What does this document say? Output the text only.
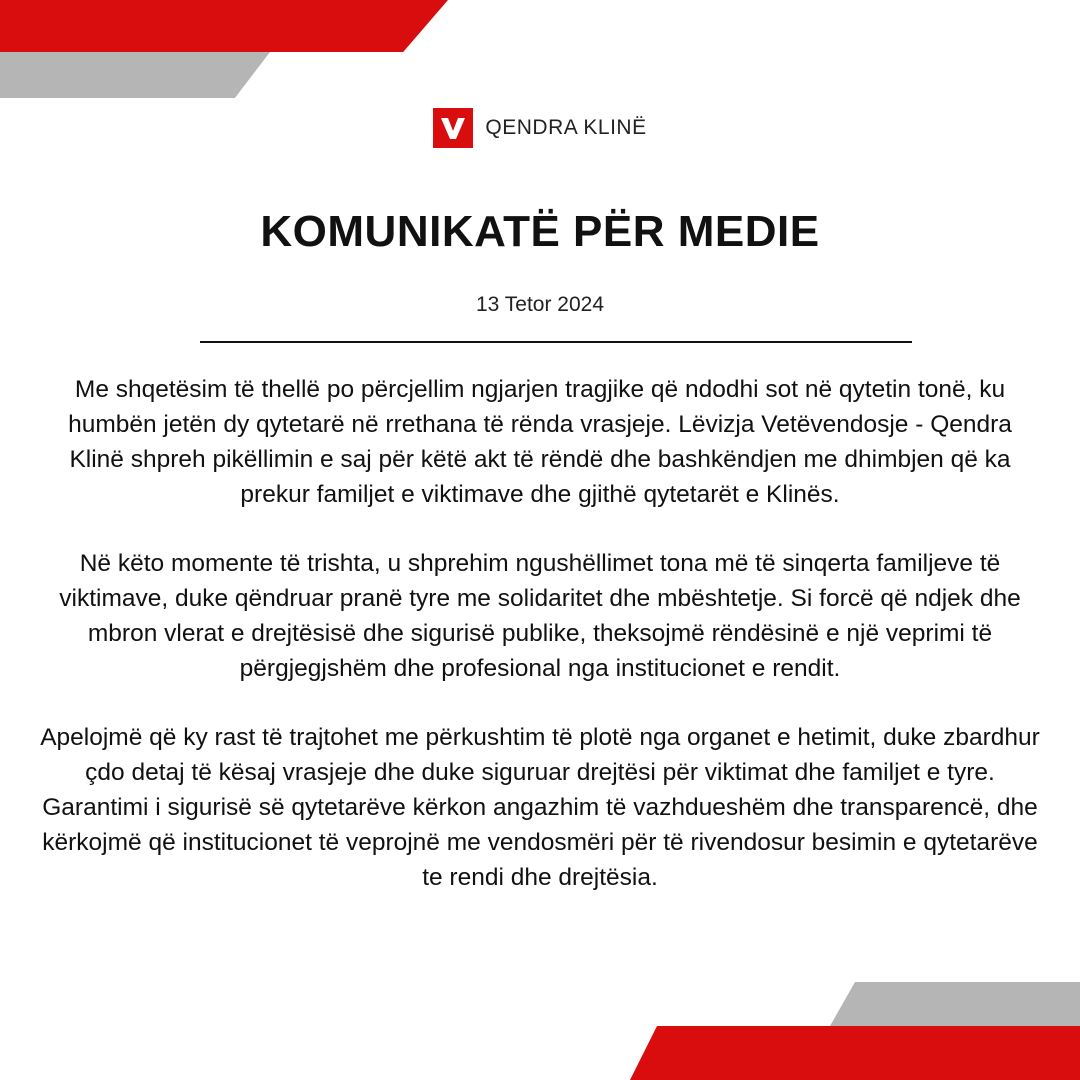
QENDRA KLINË
KOMUNIKATË PËR MEDIE
13 Tetor 2024

Me shqetësim të thellë po përcjellim ngjarjen tragjike që ndodhi sot në qytetin tonë, ku humbën jetën dy qytetarë në rrethana të rënda vrasjeje. Lëvizja Vetëvendosje - Qendra Klinë shpreh pikëllimin e saj për këtë akt të rëndë dhe bashkëndjen me dhimbjen që ka prekur familjet e viktimave dhe gjithë qytetarët e Klinës.

Në këto momente të trishta, u shprehim ngushëllimet tona më të sinqerta familjeve të viktimave, duke qëndruar pranë tyre me solidaritet dhe mbështetje. Si forcë që ndjek dhe mbron vlerat e drejtësisë dhe sigurisë publike, theksojmë rëndësinë e një veprimi të përgjegjshëm dhe profesional nga institucionet e rendit.

Apelojmë që ky rast të trajtohet me përkushtim të plotë nga organet e hetimit, duke zbardhur çdo detaj të kësaj vrasjeje dhe duke siguruar drejtësi për viktimat dhe familjet e tyre. Garantimi i sigurisë së qytetarëve kërkon angazhim të vazhdueshëm dhe transparencë, dhe kërkojmë që institucionet të veprojnë me vendosmëri për të rivendosur besimin e qytetarëve te rendi dhe drejtësia.
